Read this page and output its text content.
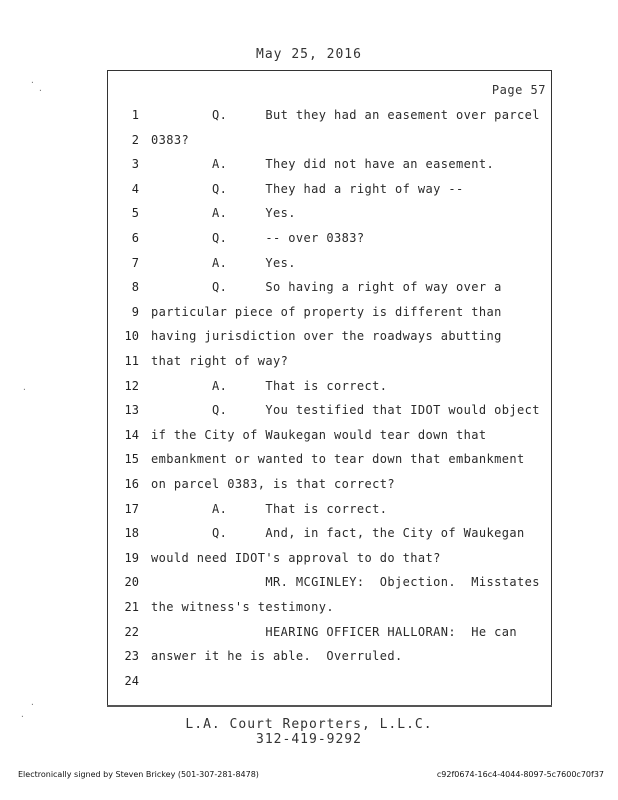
May 25, 2016
Page 57
1 Q.     But they had an easement over parcel
2 0383?
3 A.     They did not have an easement.
4 Q.     They had a right of way --
5 A.     Yes.
6 Q.     -- over 0383?
7 A.     Yes.
8 Q.     So having a right of way over a
9 particular piece of property is different than
10 having jurisdiction over the roadways abutting
11 that right of way?
12 A.     That is correct.
13 Q.     You testified that IDOT would object
14 if the City of Waukegan would tear down that
15 embankment or wanted to tear down that embankment
16 on parcel 0383, is that correct?
17 A.     That is correct.
18 Q.     And, in fact, the City of Waukegan
19 would need IDOT's approval to do that?
20 MR. MCGINLEY:  Objection.  Misstates
21 the witness's testimony.
22 HEARING OFFICER HALLORAN:  He can
23 answer it he is able.  Overruled.
24
L.A. Court Reporters, L.L.C.
312-419-9292
Electronically signed by Steven Brickey (501-307-281-8478)	c92f0674-16c4-4044-8097-5c7600c70f37
·
·
·
·
·
